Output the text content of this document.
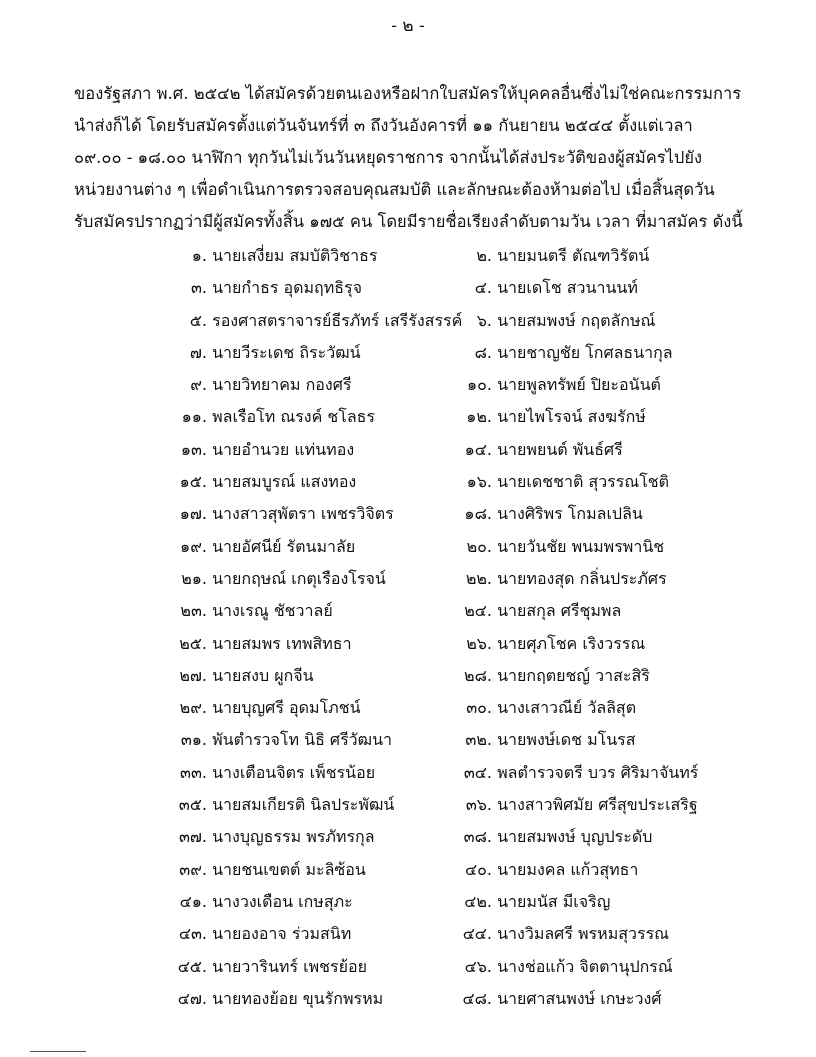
- ๒ -
ของรัฐสภา พ.ศ. ๒๕๔๒ ได้สมัครด้วยตนเองหรือฝากใบสมัครให้บุคคลอื่นซึ่งไม่ใช่คณะกรรมการ
นำส่งก็ได้ โดยรับสมัครตั้งแต่วันจันทร์ที่ ๓ ถึงวันอังคารที่ ๑๑ กันยายน ๒๕๔๔ ตั้งแต่เวลา
๐๙.๐๐ - ๑๘.๐๐ นาฬิกา ทุกวันไม่เว้นวันหยุดราชการ จากนั้นได้ส่งประวัติของผู้สมัครไปยัง
หน่วยงานต่าง ๆ เพื่อดำเนินการตรวจสอบคุณสมบัติ และลักษณะต้องห้ามต่อไป เมื่อสิ้นสุดวัน
รับสมัครปรากฏว่ามีผู้สมัครทั้งสิ้น ๑๗๕ คน โดยมีรายชื่อเรียงลำดับตามวัน เวลา ที่มาสมัคร ดังนี้
๑. นายเสงี่ยม สมบัติวิชาธร	๒. นายมนตรี ตัณฑวิรัตน์
๓. นายกำธร อุดมฤทธิรุจ	๔. นายเดโช สวนานนท์
๕. รองศาสตราจารย์ธีรภัทร์ เสรีรังสรรค์ ๖. นายสมพงษ์ กฤตลักษณ์
๗. นายวีระเดช ถิระวัฒน์	๘. นายชาญชัย โกศลธนากุล
๙. นายวิทยาคม กองศรี	๑๐. นายพูลทรัพย์ ปิยะอนันต์
๑๑. พลเรือโท ณรงค์ ชโลธร	๑๒. นายไพโรจน์ สงฆรักษ์
๑๓. นายอำนวย แท่นทอง	๑๔. นายพยนต์ พันธ์ศรี
๑๕. นายสมบูรณ์ แสงทอง	๑๖. นายเดชชาติ สุวรรณโชติ
๑๗. นางสาวสุพัตรา เพชรวิจิตร	๑๘. นางศิริพร โกมลเปลิน
๑๙. นายอัศนีย์ รัตนมาลัย	๒๐. นายวันชัย พนมพรพานิช
๒๑. นายกฤษณ์ เกตุเรืองโรจน์	๒๒. นายทองสุด กลิ่นประภัศร
๒๓. นางเรณู ชัชวาลย์	๒๔. นายสกุล ศรีชุมพล
๒๕. นายสมพร เทพสิทธา	๒๖. นายศุภโชค เริงวรรณ
๒๗. นายสงบ ผูกจีน	๒๘. นายกฤตยชญ์ วาสะสิริ
๒๙. นายบุญศรี อุดมโภชน์	๓๐. นางเสาวณีย์ วัลลิสุต
๓๑. พันตำรวจโท นิธิ ศรีวัฒนา	๓๒. นายพงษ์เดช มโนรส
๓๓. นางเตือนจิตร เพ็ชรน้อย	๓๔. พลตำรวจตรี บวร ศิริมาจันทร์
๓๕. นายสมเกียรติ นิลประพัฒน์	๓๖. นางสาวพิศมัย ศรีสุขประเสริฐ
๓๗. นางบุญธรรม พรภัทรกุล	๓๘. นายสมพงษ์ บุญประดับ
๓๙. นายชนเขตต์ มะลิซ้อน	๔๐. นายมงคล แก้วสุทธา
๔๑. นางวงเดือน เกษสุภะ	๔๒. นายมนัส มีเจริญ
๔๓. นายองอาจ ร่วมสนิท	๔๔. นางวิมลศรี พรหมสุวรรณ
๔๕. นายวารินทร์ เพชรย้อย	๔๖. นางช่อแก้ว จิตตานุปกรณ์
๔๗. นายทองย้อย ขุนรักพรหม	๔๘. นายศาสนพงษ์ เกษะวงศ์
